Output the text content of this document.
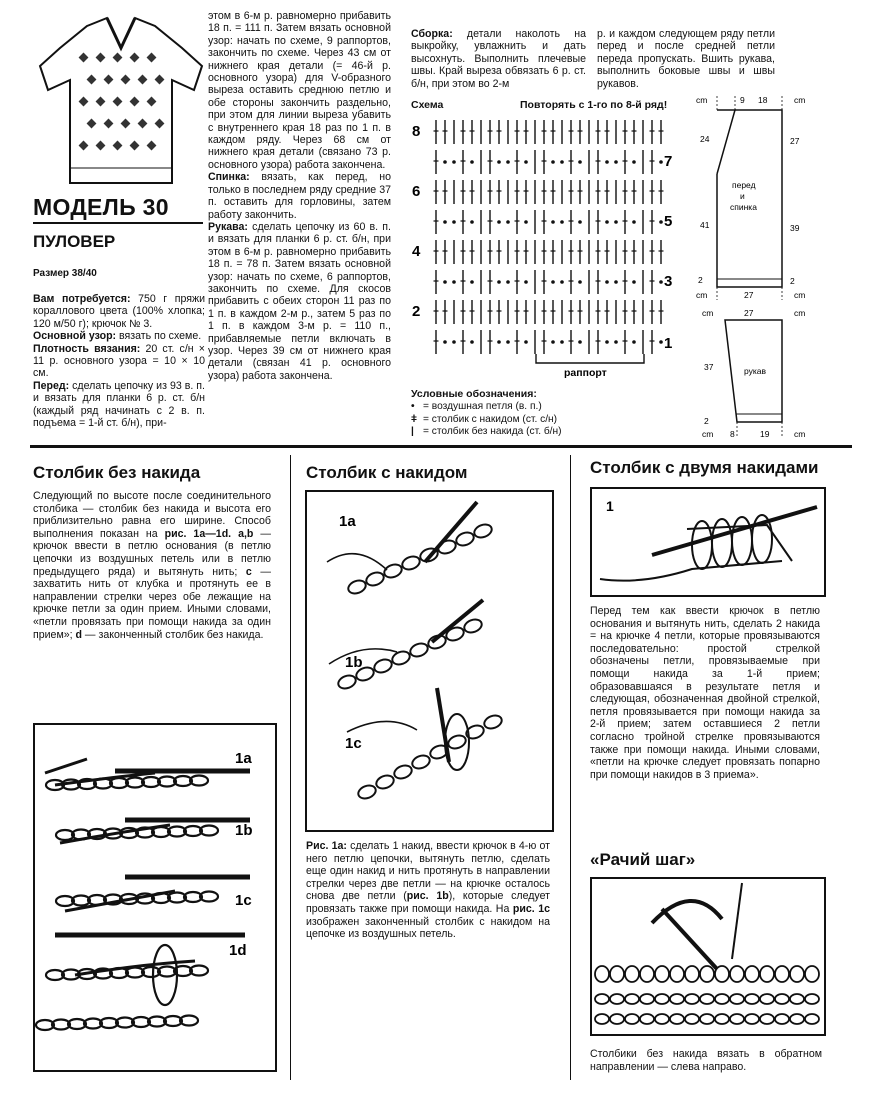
МОДЕЛЬ 30
ПУЛОВЕР
Размер 38/40
Вам потребуется: 750 г пряжи кораллового цвета (100% хлопка; 120 м/50 г); крючок № 3.
Основной узор: вязать по схеме.
Плотность вязания: 20 ст. с/н × 11 р. основного узора = 10 × 10 см.
Перед: сделать цепочку из 93 в. п. и вязать для планки 6 р. ст. б/н (каждый ряд начинать с 2 в. п. подъема = 1-й ст. б/н), при-
этом в 6-м р. равномерно прибавить 18 п. = 111 п. Затем вязать основной узор: начать по схеме, 9 раппортов, закончить по схеме. Через 43 см от нижнего края детали (= 46-й р. основного узора) для V-образного выреза оставить среднюю петлю и обе стороны закончить раздельно, при этом для линии выреза убавить с внутреннего края 18 раз по 1 п. в каждом ряду. Через 68 см от нижнего края детали (связано 73 р. основного узора) работа закончена.
Спинка: вязать, как перед, но только в последнем ряду средние 37 п. оставить для горловины, затем работу закончить.
Рукава: сделать цепочку из 60 в. п. и вязать для планки 6 р. ст. б/н, при этом в 6-м р. равномерно прибавить 18 п. = 78 п. Затем вязать основной узор: начать по схеме, 6 раппортов, закончить по схеме. Для скосов прибавить с обеих сторон 11 раз по 1 п. в каждом 2-м р., затем 5 раз по 1 п. в каждом 3-м р. = 110 п., прибавляемые петли включать в узор. Через 39 см от нижнего края детали (связан 41 р. основного узора) работа закончена.
Сборка: детали наколоть на выкройку, увлажнить и дать высохнуть. Выполнить плечевые швы. Край выреза обвязать 6 р. ст. б/н, при этом во 2-м
р. и каждом следующем ряду петли перед и после средней петли переда пропускать. Вшить рукава, выполнить боковые швы и швы рукавов.
Схема	Повторять с 1-го по 8-й ряд!
8
6
4
2
7
5
3
1
раппорт
Условные обозначения:
• = воздушная петля (в. п.)
ǂ = столбик с накидом (ст. с/н)
| = столбик без накида (ст. б/н)
cm	9 18	cm
24
41
2
27
39
2
cm	27	cm
cm	27	cm
37
2
cm 8	19	cm
перед
и
спинка
рукав
Столбик без накида
Следующий по высоте после соединительного столбика — столбик без накида и высота его приблизительно равна его ширине. Способ выполнения показан на рис. 1а—1d. a,b — крючок ввести в петлю основания (в петлю цепочки из воздушных петель или в петлю предыдущего ряда) и вытянуть нить; c — захватить нить от клубка и протянуть ее в направлении стрелки через обе лежащие на крючке петли за один прием. Иными словами, «петли провязать при помощи накида за один прием»; d — законченный столбик без накида.
1a
1b
1c
1d
Столбик с накидом
1a
1b
1c
Рис. 1а: сделать 1 накид, ввести крючок в 4-ю от него петлю цепочки, вытянуть петлю, сделать еще один накид и нить протянуть в направлении стрелки через две петли — на крючке осталось снова две петли (рис. 1b), которые следует провязать также при помощи накида. На рис. 1с изображен законченный столбик с накидом на цепочке из воздушных петель.
Столбик с двумя накидами
1
Перед тем как ввести крючок в петлю основания и вытянуть нить, сделать 2 накида = на крючке 4 петли, которые провязываются последовательно: простой стрелкой обозначены петли, провязываемые при помощи накида за 1-й прием; образовавшаяся в результате петля и следующая, обозначенная двойной стрелкой, петля провязывается при помощи накида за 2-й прием; затем оставшиеся 2 петли согласно тройной стрелке провязываются также при помощи накида. Иными словами, «петли на крючке следует провязать попарно при помощи накидов в 3 приема».
«Рачий шаг»
Столбики без накида вязать в обратном направлении — слева направо.
